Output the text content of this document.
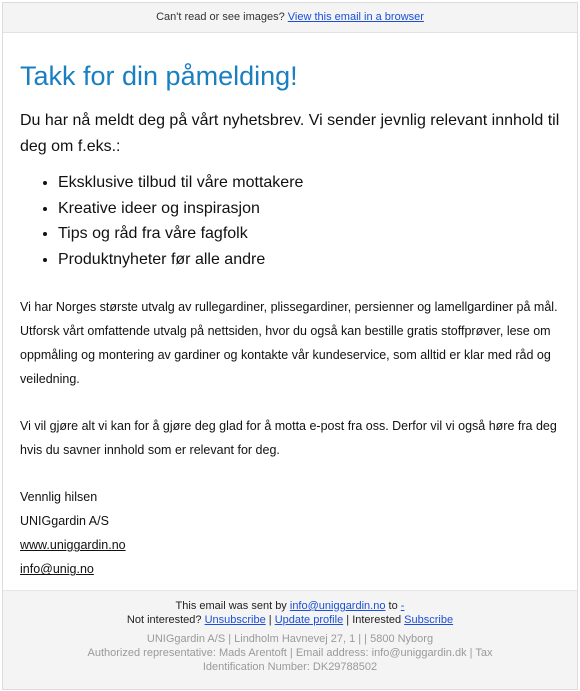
Can't read or see images? View this email in a browser
Takk for din påmelding!

Du har nå meldt deg på vårt nyhetsbrev. Vi sender jevnlig relevant innhold til deg om f.eks.:

• Eksklusive tilbud til våre mottakere
• Kreative ideer og inspirasjon
• Tips og råd fra våre fagfolk
• Produktnyheter før alle andre

Vi har Norges største utvalg av rullegardiner, plissegardiner, persienner og lamellgardiner på mål. Utforsk vårt omfattende utvalg på nettsiden, hvor du også kan bestille gratis stoffprøver, lese om oppmåling og montering av gardiner og kontakte vår kundeservice, som alltid er klar med råd og veiledning.

Vi vil gjøre alt vi kan for å gjøre deg glad for å motta e-post fra oss. Derfor vil vi også høre fra deg hvis du savner innhold som er relevant for deg.

Vennlig hilsen
UNIGgardin A/S
www.uniggardin.no
info@unig.no
This email was sent by info@uniggardin.no to -
Not interested? Unsubscribe | Update profile | Interested Subscribe
UNIGgardin A/S | Lindholm Havnevej 27, 1 | | 5800 Nyborg
Authorized representative: Mads Arentoft | Email address: info@uniggardin.dk | Tax Identification Number: DK29788502
